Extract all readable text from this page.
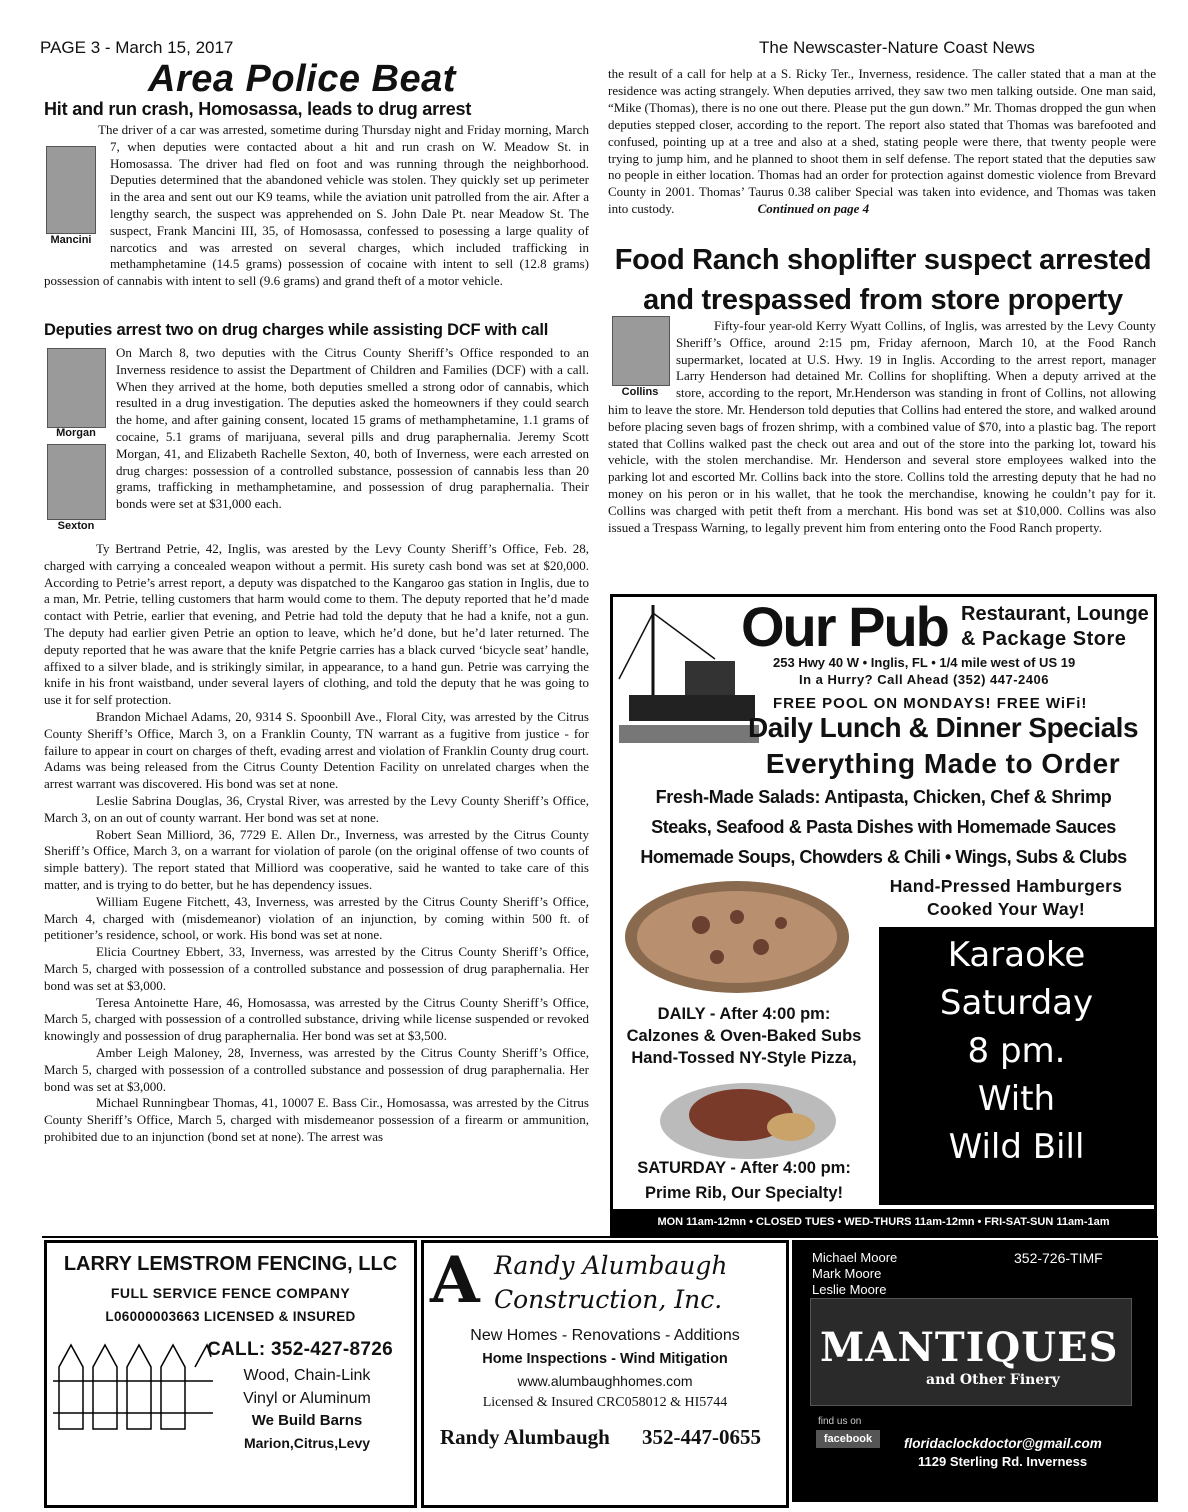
PAGE 3 - March 15, 2017	The Newscaster-Nature Coast News
Area Police Beat
Hit and run crash, Homosassa, leads to drug arrest
Mancini

The driver of a car was arrested, sometime during Thursday night and Friday morning, March 7, when deputies were contacted about a hit and run crash on W. Meadow St. in Homosassa. The driver had fled on foot and was running through the neighborhood. Deputies determined that the abandoned vehicle was stolen. They quickly set up perimeter in the area and sent out our K9 teams, while the aviation unit patrolled from the air. After a lengthy search, the suspect was apprehended on S. John Dale Pt. near Meadow St. The suspect, Frank Mancini III, 35, of Homosassa, confessed to posessing a large quality of narcotics and was arrested on several charges, which included trafficking in methamphetamine (14.5 grams) possession of cocaine with intent to sell (12.8 grams) possession of cannabis with intent to sell (9.6 grams) and grand theft of a motor vehicle.

Deputies arrest two on drug charges while assisting DCF with call
Morgan
Sexton

On March 8, two deputies with the Citrus County Sheriff’s Office responded to an Inverness residence to assist the Department of Children and Families (DCF) with a call. When they arrived at the home, both deputies smelled a strong odor of cannabis, which resulted in a drug investigation. The deputies asked the homeowners if they could search the home, and after gaining consent, located 15 grams of methamphetamine, 1.1 grams of cocaine, 5.1 grams of marijuana, several pills and drug paraphernalia. Jeremy Scott Morgan, 41, and Elizabeth Rachelle Sexton, 40, both of Inverness, were each arrested on drug charges: possession of a controlled substance, possession of cannabis less than 20 grams, trafficking in methamphetamine, and possession of drug paraphernalia. Their bonds were set at $31,000 each.

Ty Bertrand Petrie, 42, Inglis, was arested by the Levy County Sheriff’s Office, Feb. 28, charged with carrying a concealed weapon without a permit. His surety cash bond was set at $20,000. According to Petrie’s arrest report, a deputy was dispatched to the Kangaroo gas station in Inglis, due to a man, Mr. Petrie, telling customers that harm would come to them. The deputy reported that he’d made contact with Petrie, earlier that evening, and Petrie had told the deputy that he had a knife, not a gun. The deputy had earlier given Petrie an option to leave, which he’d done, but he’d later returned. The deputy reported that he was aware that the knife Petgrie carries has a black curved ‘bicycle seat’ handle, affixed to a silver blade, and is strikingly similar, in appearance, to a hand gun. Petrie was carrying the knife in his front waistband, under several layers of clothing, and told the deputy that he was going to use it for self protection.

Brandon Michael Adams, 20, 9314 S. Spoonbill Ave., Floral City, was arrested by the Citrus County Sheriff’s Office, March 3, on a Franklin County, TN warrant as a fugitive from justice - for failure to appear in court on charges of theft, evading arrest and violation of Franklin County drug court. Adams was being released from the Citrus County Detention Facility on unrelated charges when the arrest warrant was discovered. His bond was set at none.

Leslie Sabrina Douglas, 36, Crystal River, was arrested by the Levy County Sheriff’s Office, March 3, on an out of county warrant. Her bond was set at none.

Robert Sean Milliord, 36, 7729 E. Allen Dr., Inverness, was arrested by the Citrus County Sheriff’s Office, March 3, on a warrant for violation of parole (on the original offense of two counts of simple battery). The report stated that Milliord was cooperative, said he wanted to take care of this matter, and is trying to do better, but he has dependency issues.

William Eugene Fitchett, 43, Inverness, was arrested by the Citrus County Sheriff’s Office, March 4, charged with (misdemeanor) violation of an injunction, by coming within 500 ft. of petitioner’s residence, school, or work. His bond was set at none.

Elicia Courtney Ebbert, 33, Inverness, was arrested by the Citrus County Sheriff’s Office, March 5, charged with possession of a controlled substance and possession of drug paraphernalia. Her bond was set at $3,000.

Teresa Antoinette Hare, 46, Homosassa, was arrested by the Citrus County Sheriff’s Office, March 5, charged with possession of a controlled substance, driving while license suspended or revoked knowingly and possession of drug paraphernalia. Her bond was set at $3,500.

Amber Leigh Maloney, 28, Inverness, was arrested by the Citrus County Sheriff’s Office, March 5, charged with possession of a controlled substance and possession of drug paraphernalia. Her bond was set at $3,000.

Michael Runningbear Thomas, 41, 10007 E. Bass Cir., Homosassa, was arrested by the Citrus County Sheriff’s Office, March 5, charged with misdemeanor possession of a firearm or ammunition, prohibited due to an injunction (bond set at none). The arrest was

the result of a call for help at a S. Ricky Ter., Inverness, residence. The caller stated that a man at the residence was acting strangely. When deputies arrived, they saw two men talking outside. One man said, “Mike (Thomas), there is no one out there. Please put the gun down.” Mr. Thomas dropped the gun when deputies stepped closer, according to the report. The report also stated that Thomas was barefooted and confused, pointing up at a tree and also at a shed, stating people were there, that twenty people were trying to jump him, and he planned to shoot them in self defense. The report stated that the deputies saw no people in either location. Thomas had an order for protection against domestic violence from Brevard County in 2001. Thomas’ Taurus 0.38 caliber Special was taken into evidence, and Thomas was taken into custody.	Continued on page 4

Food Ranch shoplifter suspect arrested
and trespassed from store property
Collins

Fifty-four year-old Kerry Wyatt Collins, of Inglis, was arrested by the Levy County Sheriff’s Office, around 2:15 pm, Friday afernoon, March 10, at the Food Ranch supermarket, located at U.S. Hwy. 19 in Inglis. According to the arrest report, manager Larry Henderson had detained Mr. Collins for shoplifting. When a deputy arrived at the store, according to the report, Mr.Henderson was standing in front of Collins, not allowing him to leave the store. Mr. Henderson told deputies that Collins had entered the store, and walked around before placing seven bags of frozen shrimp, with a combined value of $70, into a plastic bag. The report stated that Collins walked past the check out area and out of the store into the parking lot, toward his vehicle, with the stolen merchandise. Mr. Henderson and several store employees walked into the parking lot and escorted Mr. Collins back into the store. Collins told the arresting deputy that he had no money on his peron or in his wallet, that he took the merchandise, knowing he couldn’t pay for it. Collins was charged with petit theft from a merchant. His bond was set at $10,000. Collins was also issued a Trespass Warning, to legally prevent him from entering onto the Food Ranch property.

Our Pub Restaurant, Lounge
& Package Store
253 Hwy 40 W • Inglis, FL • 1/4 mile west of US 19
In a Hurry? Call Ahead (352) 447-2406
FREE POOL ON MONDAYS! FREE WiFi!
Daily Lunch & Dinner Specials
Everything Made to Order
Fresh-Made Salads: Antipasta, Chicken, Chef & Shrimp
Steaks, Seafood & Pasta Dishes with Homemade Sauces
Homemade Soups, Chowders & Chili • Wings, Subs & Clubs
Hand-Pressed Hamburgers
Cooked Your Way!
DAILY - After 4:00 pm:
Calzones & Oven-Baked Subs
Hand-Tossed NY-Style Pizza,
SATURDAY - After 4:00 pm:
Prime Rib, Our Specialty!
Karaoke
Saturday
8 pm.
With
Wild Bill
MON 11am-12mn • CLOSED TUES • WED-THURS 11am-12mn • FRI-SAT-SUN 11am-1am
LARRY LEMSTROM FENCING, LLC
FULL SERVICE FENCE COMPANY
L06000003663 LICENSED & INSURED
CALL: 352-427-8726
Wood, Chain-Link
Vinyl or Aluminum
We Build Barns
Marion,Citrus,Levy
A Randy Alumbaugh
Construction, Inc.
New Homes - Renovations - Additions
Home Inspections - Wind Mitigation
www.alumbaughhomes.com
Licensed & Insured CRC058012 & HI5744
Randy Alumbaugh 352-447-0655
Michael Moore
Mark Moore
Leslie Moore
352-726-TIMF
MANTIQUES
and Other Finery
find us on
facebook	floridaclockdoctor@gmail.com
1129 Sterling Rd. Inverness
